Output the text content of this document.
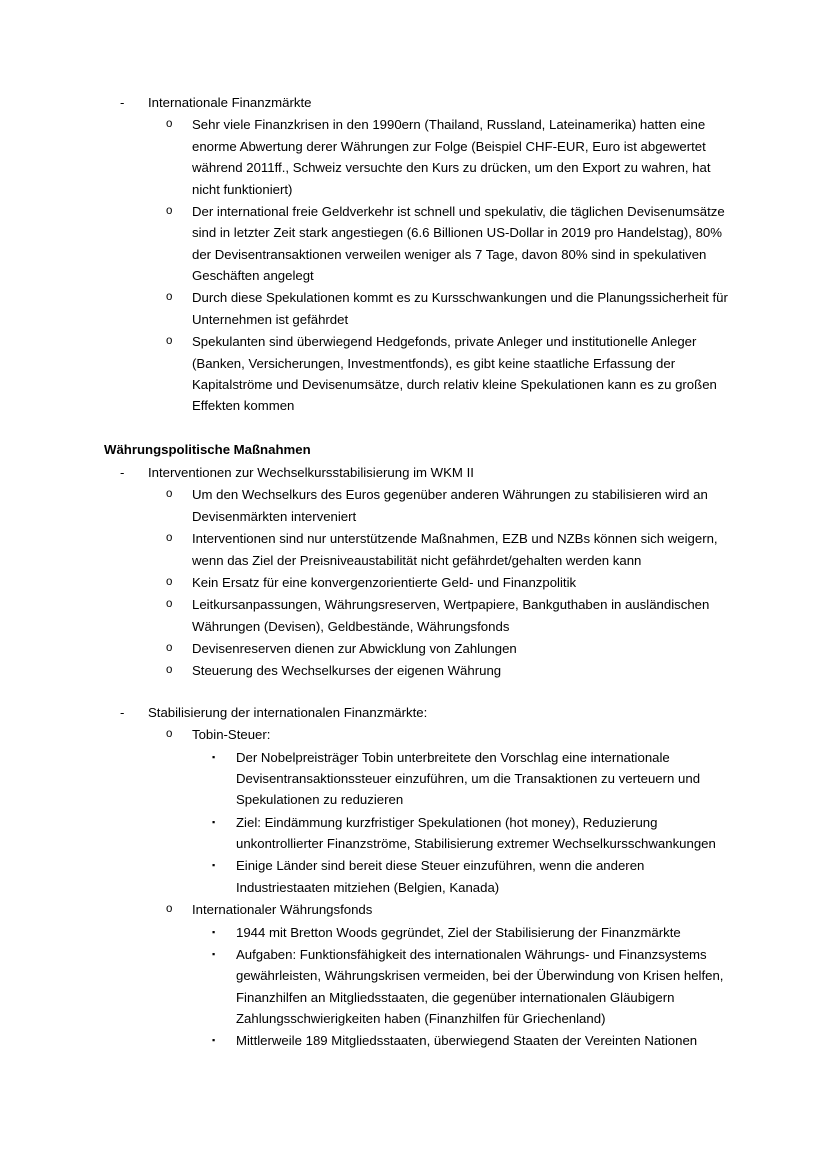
- Internationale Finanzmärkte
o Sehr viele Finanzkrisen in den 1990ern (Thailand, Russland, Lateinamerika) hatten eine enorme Abwertung derer Währungen zur Folge (Beispiel CHF-EUR, Euro ist abgewertet während 2011ff., Schweiz versuchte den Kurs zu drücken, um den Export zu wahren, hat nicht funktioniert)
o Der international freie Geldverkehr ist schnell und spekulativ, die täglichen Devisenumsätze sind in letzter Zeit stark angestiegen (6.6 Billionen US-Dollar in 2019 pro Handelstag), 80% der Devisentransaktionen verweilen weniger als 7 Tage, davon 80% sind in spekulativen Geschäften angelegt
o Durch diese Spekulationen kommt es zu Kursschwankungen und die Planungssicherheit für Unternehmen ist gefährdet
o Spekulanten sind überwiegend Hedgefonds, private Anleger und institutionelle Anleger (Banken, Versicherungen, Investmentfonds), es gibt keine staatliche Erfassung der Kapitalströme und Devisenumsätze, durch relativ kleine Spekulationen kann es zu großen Effekten kommen
Währungspolitische Maßnahmen
- Interventionen zur Wechselkursstabilisierung im WKM II
o Um den Wechselkurs des Euros gegenüber anderen Währungen zu stabilisieren wird an Devisenmärkten interveniert
o Interventionen sind nur unterstützende Maßnahmen, EZB und NZBs können sich weigern, wenn das Ziel der Preisniveaustabilität nicht gefährdet/gehalten werden kann
o Kein Ersatz für eine konvergenzorientierte Geld- und Finanzpolitik
o Leitkursanpassungen, Währungsreserven, Wertpapiere, Bankguthaben in ausländischen Währungen (Devisen), Geldbestände, Währungsfonds
o Devisenreserven dienen zur Abwicklung von Zahlungen
o Steuerung des Wechselkurses der eigenen Währung
- Stabilisierung der internationalen Finanzmärkte:
o Tobin-Steuer:
▪ Der Nobelpreisträger Tobin unterbreitete den Vorschlag eine internationale Devisentransaktionssteuer einzuführen, um die Transaktionen zu verteuern und Spekulationen zu reduzieren
▪ Ziel: Eindämmung kurzfristiger Spekulationen (hot money), Reduzierung unkontrollierter Finanzströme, Stabilisierung extremer Wechselkursschwankungen
▪ Einige Länder sind bereit diese Steuer einzuführen, wenn die anderen Industriestaaten mitziehen (Belgien, Kanada)
o Internationaler Währungsfonds
▪ 1944 mit Bretton Woods gegründet, Ziel der Stabilisierung der Finanzmärkte
▪ Aufgaben: Funktionsfähigkeit des internationalen Währungs- und Finanzsystems gewährleisten, Währungskrisen vermeiden, bei der Überwindung von Krisen helfen, Finanzhilfen an Mitgliedsstaaten, die gegenüber internationalen Gläubigern Zahlungsschwierigkeiten haben (Finanzhilfen für Griechenland)
▪ Mittlerweile 189 Mitgliedsstaaten, überwiegend Staaten der Vereinten Nationen
